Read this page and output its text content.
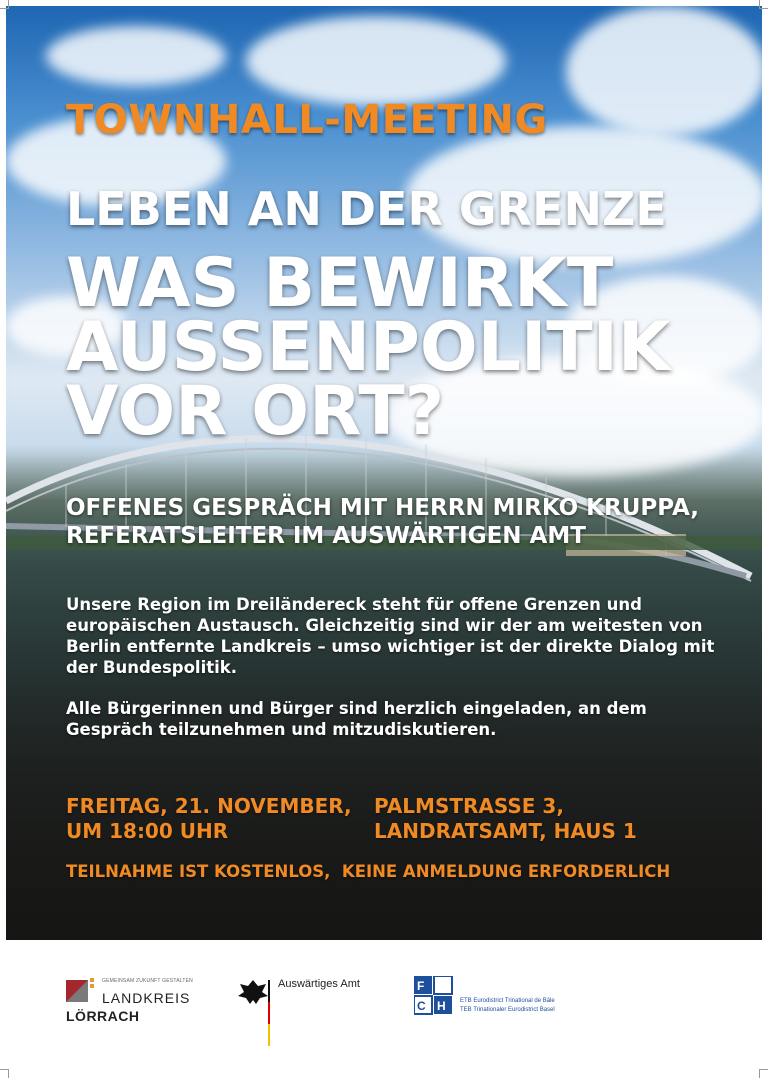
TOWNHALL-MEETING
LEBEN AN DER GRENZE
WAS BEWIRKT
AUSSENPOLITIK
VOR ORT?
OFFENES GESPRÄCH MIT HERRN MIRKO KRUPPA,
REFERATSLEITER IM AUSWÄRTIGEN AMT
Unsere Region im Dreiländereck steht für offene Grenzen und europäischen Austausch. Gleichzeitig sind wir der am weitesten von Berlin entfernte Landkreis – umso wichtiger ist der direkte Dialog mit der Bundespolitik.
Alle Bürgerinnen und Bürger sind herzlich eingeladen, an dem Gespräch teilzunehmen und mitzudiskutieren.
FREITAG, 21. NOVEMBER,
UM 18:00 UHR
PALMSTRASSE 3,
LANDRATSAMT, HAUS 1
TEILNAHME IST KOSTENLOS,  KEINE ANMELDUNG ERFORDERLICH
GEMEINSAM ZUKUNFT GESTALTEN
LANDKREIS
LÖRRACH
Auswärtiges Amt	F
C H ETB Eurodistrict Trinational de Bâle
TEB Trinationaler Eurodistrict Basel
